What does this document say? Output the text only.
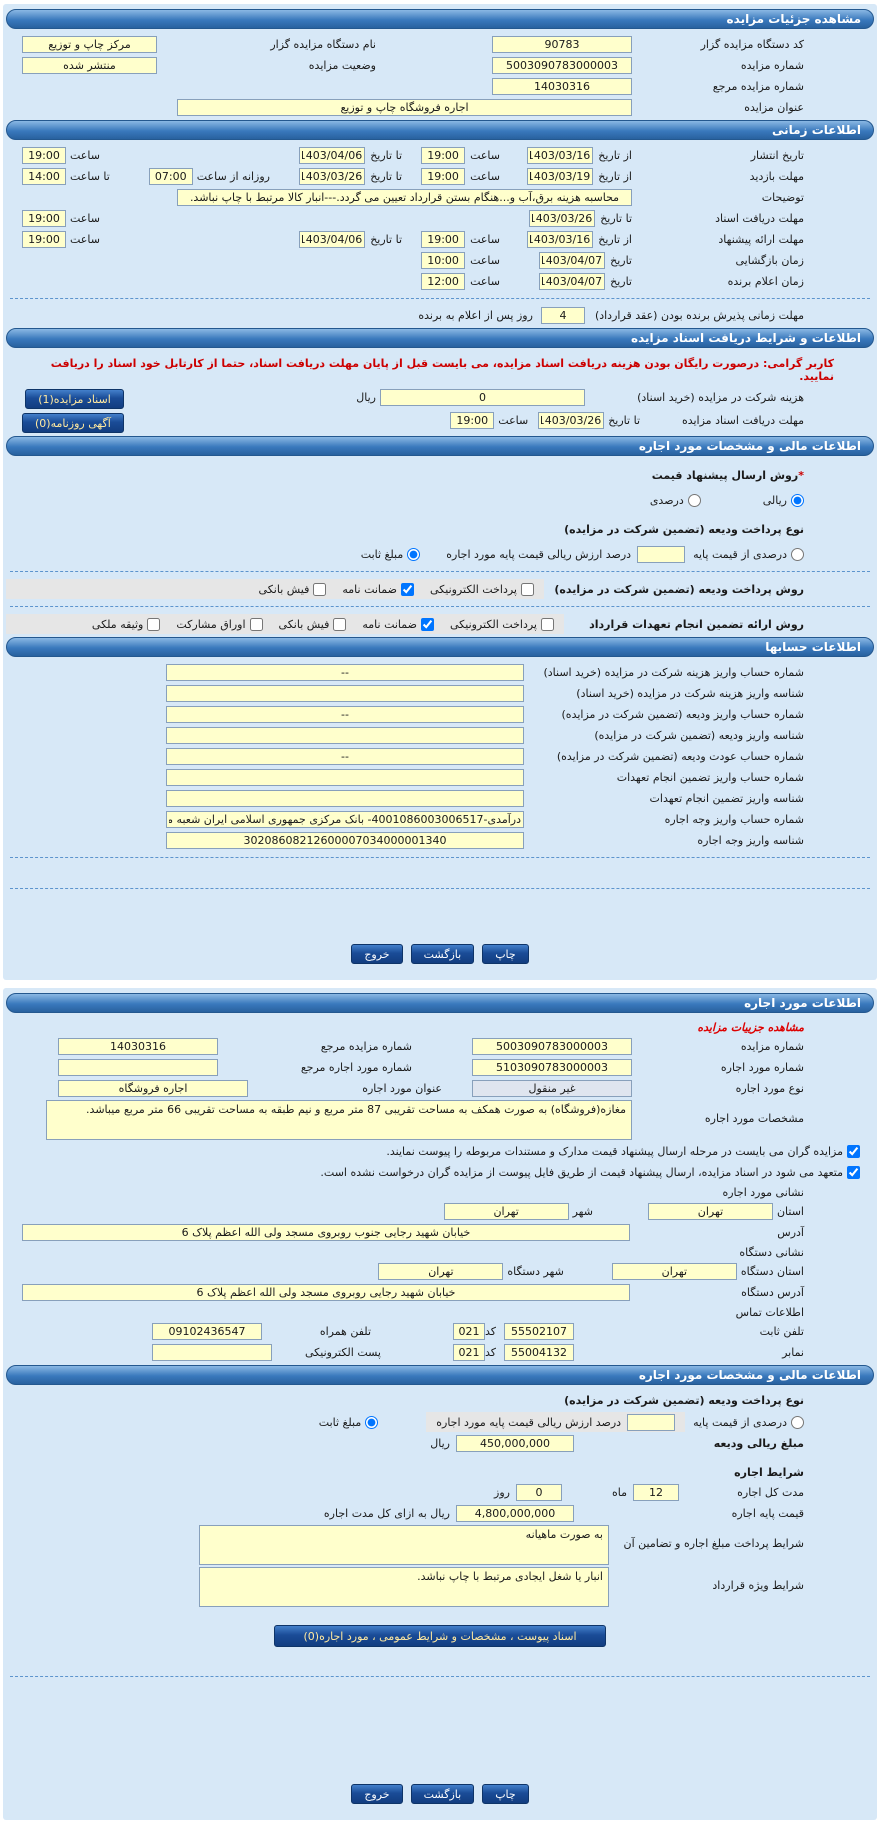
مشاهده جزئیات مزایده
کد دستگاه مزایده گزار
90783
نام دستگاه مزایده گزار
مرکز چاپ و توزیع
شماره مزایده
5003090783000003
وضعیت مزایده
منتشر شده
شماره مزایده مرجع
14030316
عنوان مزایده
اجاره فروشگاه چاپ و توزیع
اطلاعات زمانی
تاریخ انتشار
از تاریخ
1403/03/16
ساعت
19:00
تا تاریخ
1403/04/06
ساعت
19:00
مهلت بازدید
از تاریخ
1403/03/19
ساعت
19:00
تا تاریخ
1403/03/26
روزانه از ساعت
07:00
تا ساعت
14:00
توضیحات
محاسبه هزینه برق،آب و...هنگام بستن قرارداد تعیین می گردد.---انبار کالا مرتبط با چاپ نباشد.
مهلت دریافت اسناد
تا تاریخ
1403/03/26
ساعت
19:00
مهلت ارائه پیشنهاد
از تاریخ
1403/03/16
ساعت
19:00
تا تاریخ
1403/04/06
ساعت
19:00
زمان بازگشایی
تاریخ
1403/04/07
ساعت
10:00
زمان اعلام برنده
تاریخ
1403/04/07
ساعت
12:00
مهلت زمانی پذیرش برنده بودن (عقد قرارداد)
4
روز پس از اعلام به برنده
اطلاعات و شرایط دریافت اسناد مزایده
کاربر گرامی: درصورت رایگان بودن هزینه دریافت اسناد مزایده، می بایست قبل از پایان مهلت دریافت اسناد، حتما از کارتابل خود اسناد را دریافت نمایید.
هزینه شرکت در مزایده (خرید اسناد)
0
ریال
مهلت دریافت اسناد مزایده
تا تاریخ
1403/03/26
ساعت
19:00
اسناد مزایده(1)
آگهی روزنامه(0)
اطلاعات مالی و مشخصات مورد اجاره
*
روش ارسال پیشنهاد قیمت
ریالی
درصدی
نوع پرداخت ودیعه (تضمین شرکت در مزایده)
درصدی از قیمت پایه
درصد ارزش ریالی قیمت پایه مورد اجاره
مبلغ ثابت
روش پرداخت ودیعه (تضمین شرکت در مزایده)
پرداخت الکترونیکی
ضمانت نامه
فیش بانکی
روش ارائه تضمین انجام تعهدات قرارداد
پرداخت الکترونیکی
ضمانت نامه
فیش بانکی
اوراق مشارکت
وثیقه ملکی
اطلاعات حسابها
شماره حساب واریز هزینه شرکت در مزایده (خرید اسناد)
--
شناسه واریز هزینه شرکت در مزایده (خرید اسناد)
شماره حساب واریز ودیعه (تضمین شرکت در مزایده)
--
شناسه واریز ودیعه (تضمین شرکت در مزایده)
شماره حساب عودت ودیعه (تضمین شرکت در مزایده)
--
شماره حساب واریز تضمین انجام تعهدات
شناسه واریز تضمین انجام تعهدات
شماره حساب واریز وجه اجاره
درآمدی-4001086003006517- بانک مرکزی جمهوری اسلامی ایران شعبه مرکزی
شناسه واریز وجه اجاره
30208608212600007034000001340
چاپ
بازگشت
خروج
اطلاعات مورد اجاره
مشاهده جزییات مزایده
شماره مزایده
5003090783000003
شماره مزایده مرجع
14030316
شماره مورد اجاره
5103090783000003
شماره مورد اجاره مرجع
نوع مورد اجاره
غیر منقول
عنوان مورد اجاره
اجاره فروشگاه
مشخصات مورد اجاره
مغازه(فروشگاه) به صورت همکف به مساحت تقریبی 87 متر مربع و نیم طبقه به مساحت تقریبی 66 متر مربع میباشد.
مزایده گران می بایست در مرحله ارسال پیشنهاد قیمت مدارک و مستندات مربوطه را پیوست نمایند.
متعهد می شود در اسناد مزایده، ارسال پیشنهاد قیمت از طریق فایل پیوست از مزایده گران درخواست نشده است.
نشانی مورد اجاره
استان
تهران
شهر
تهران
آدرس
خیابان شهید رجایی جنوب روبروی مسجد ولی الله اعظم پلاک 6
نشانی دستگاه
استان دستگاه
تهران
شهر دستگاه
تهران
آدرس دستگاه
خیابان شهید رجایی روبروی مسجد ولی الله اعظم پلاک 6
اطلاعات تماس
تلفن ثابت
55502107
کد
021
تلفن همراه
09102436547
نمابر
55004132
کد
021
پست الکترونیکی
اطلاعات مالی و مشخصات مورد اجاره
نوع پرداخت ودیعه (تضمین شرکت در مزایده)
درصدی از قیمت پایه
درصد ارزش ریالی قیمت پایه مورد اجاره
مبلغ ثابت
مبلغ ریالی ودیعه
450,000,000
ریال
شرایط اجاره
مدت کل اجاره
12
ماه
0
روز
قیمت پایه اجاره
4,800,000,000
ریال به ازای کل مدت اجاره
شرایط پرداخت مبلغ اجاره و تضامین آن
به صورت ماهیانه
شرایط ویژه قرارداد
انبار یا شغل ایجادی مرتبط با چاپ نباشد.
اسناد پیوست ، مشخصات و شرایط عمومی ، مورد اجاره(0)
چاپ
بازگشت
خروج
